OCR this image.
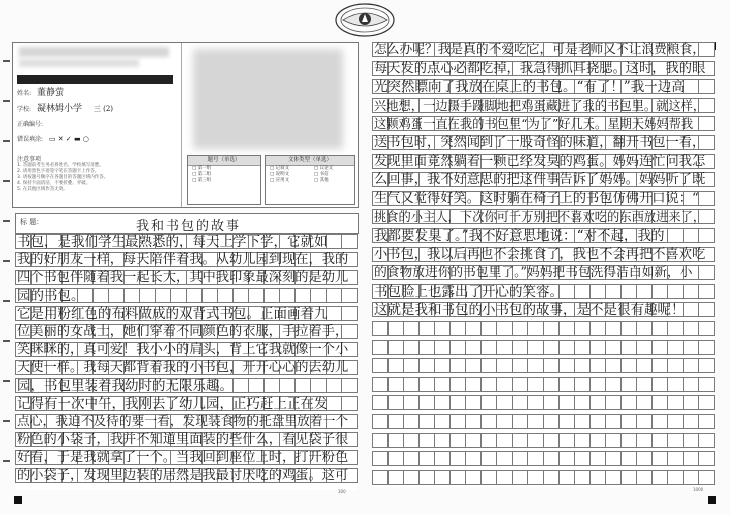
姓名: 董静萤
学校: 凝林姆小学 三 (2)
正确编号:
错误填涂: ▭ ✕ ✓ ▬ ○
注意事项
1. 答题前考生务必将姓名、学校填写清楚。
2. 请用黑色字迹签字笔在答题卡上作答。
3. 请按题号顺序在各题目的答题区域内作答。
4. 保持卡面清洁，不要折叠、弄破。
5. 在其他区域作答无效。
题号（单选）
□ 第一组
□ 第二组
□ 第三组
文体类型（单选）
□ 记叙文	□ 议论文
□ 说明文	□ 书信
□ 应用文	□ 其他
标 题：	我和书包的故事
书包，是我们学生最熟悉的，每天上学下学，它就如
我的好朋友一样，每天陪伴着我。从幼儿园到现在，我的
四个书包伴随着我一起长大，其中我印象最深刻的是幼儿
园的书包。
它是用粉红色的布料做成的双背式书包。正面画着九
位美丽的女战士，她们穿着不同颜色的衣服，手拉着手，
笑眯眯的，真可爱！我小小的肩头，背上它我就像一个小
天使一样。我每天都背着我的小书包，开开心心的去幼儿
园，书包里装着我幼时的无限乐趣。
记得有一次中午，我刚去了幼儿园，正巧赶上正在发
点心，我迫不及待的要一看，发现装食物的托盘里放着一个
粉色的小袋子，我并不知道里面装的些什么，看见袋子很
好看，于是我就拿了一个。当我回到座位上时，打开粉色
的小袋子，发现里边装的居然是我最讨厌吃的鸡蛋。这可
怎么办呢？我是真的不爱吃它，可是老师又不让浪费粮食，
每天发的点心必都吃掉，我急得抓耳挠腮。这时，我的眼
光突然瞟向了我放在桌上的书包。“有了！”我一边高
兴地想，一边蹑手蹑脚地把鸡蛋藏进了我的书包里。就这样，
这颗鸡蛋一直在我的书包里“为了”好几天。星期天妈妈帮我
送书包时，突然闻到了一股奇怪的味道，翻开书包一看，
发现里面竟然躺着一颗已经发臭的鸡蛋。妈妈连忙问我怎
么回事，我不好意思的把这件事告诉了妈妈。妈妈听了既
生气又觉得好笑。这时躺在椅子上的书包仿佛开口说：“
挑食的小主人，下次你可千万别把不喜欢吃的东西放进来了，
我都要发臭了。”我不好意思地说：“对不起，我的
小书包，我以后再也不会挑食了，我也不会再把不喜欢吃
的食物放进你的书包里了。”妈妈把书包洗得洁白如新，小
书包脸上也露出了开心的笑容。
这就是我和书包的小书包的故事，是不是很有趣呢！
300	1000
